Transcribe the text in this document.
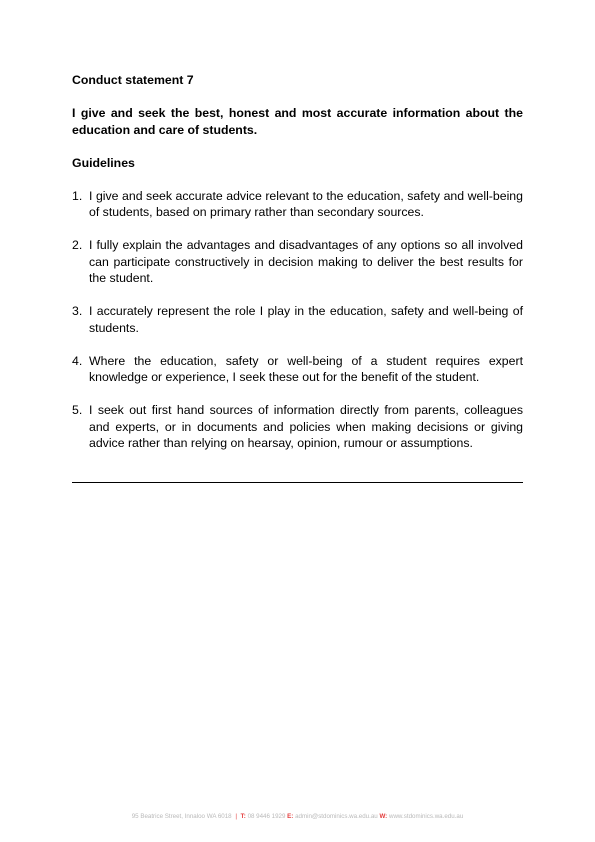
Conduct statement 7

I give and seek the best, honest and most accurate information about the education and care of students.

Guidelines

1. I give and seek accurate advice relevant to the education, safety and well-being of students, based on primary rather than secondary sources.
2. I fully explain the advantages and disadvantages of any options so all involved can participate constructively in decision making to deliver the best results for the student.
3. I accurately represent the role I play in the education, safety and well-being of students.
4. Where the education, safety or well-being of a student requires expert knowledge or experience, I seek these out for the benefit of the student.
5. I seek out first hand sources of information directly from parents, colleagues and experts, or in documents and policies when making decisions or giving advice rather than relying on hearsay, opinion, rumour or assumptions.
95 Beatrice Street, Innaloo WA 6018 | T: 08 9446 1929 E: admin@stdominics.wa.edu.au W: www.stdominics.wa.edu.au
